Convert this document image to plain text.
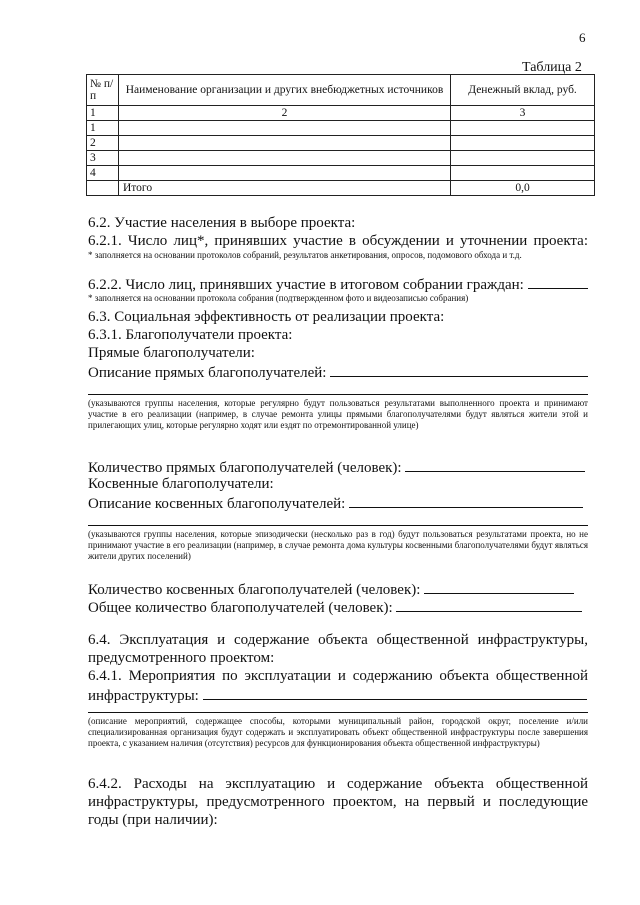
6
Таблица 2
№ п/п	Наименование организации и других внебюджетных источников	Денежный вклад, руб.
1	2	3
1		
2		
3		
4		
	Итого	0,0
6.2. Участие населения в выборе проекта:
6.2.1. Число лиц*, принявших участие в обсуждении и уточнении проекта:
* заполняется на основании протоколов собраний, результатов анкетирования, опросов, подомового обхода и т.д.
6.2.2. Число лиц, принявших участие в итоговом собрании граждан:
* заполняется на основании протокола собрания (подтвержденном фото и видеозаписью собрания)
6.3. Социальная эффективность от реализации проекта:
6.3.1. Благополучатели проекта:
Прямые благополучатели:
Описание прямых благополучателей:
(указываются группы населения, которые регулярно будут пользоваться результатами выполненного проекта и принимают участие в его реализации (например, в случае ремонта улицы прямыми благополучателями будут являться жители этой и прилегающих улиц, которые регулярно ходят или ездят по отремонтированной улице)
Количество прямых благополучателей (человек):
Косвенные благополучатели:
Описание косвенных благополучателей:
(указываются группы населения, которые эпизодически (несколько раз в год) будут пользоваться результатами проекта, но не принимают участие в его реализации (например, в случае ремонта дома культуры косвенными благополучателями будут являться жители других поселений)
Количество косвенных благополучателей (человек):
Общее количество благополучателей (человек):
6.4. Эксплуатация и содержание объекта общественной инфраструктуры,
предусмотренного проектом:
6.4.1. Мероприятия по эксплуатации и содержанию объекта общественной
инфраструктуры:
(описание мероприятий, содержащее способы, которыми муниципальный район, городской округ, поселение и/или специализированная организация будут содержать и эксплуатировать объект общественной инфраструктуры после завершения проекта, с указанием наличия (отсутствия) ресурсов для функционирования объекта общественной инфраструктуры)
6.4.2. Расходы на эксплуатацию и содержание объекта общественной
инфраструктуры, предусмотренного проектом, на первый и последующие
годы (при наличии):
